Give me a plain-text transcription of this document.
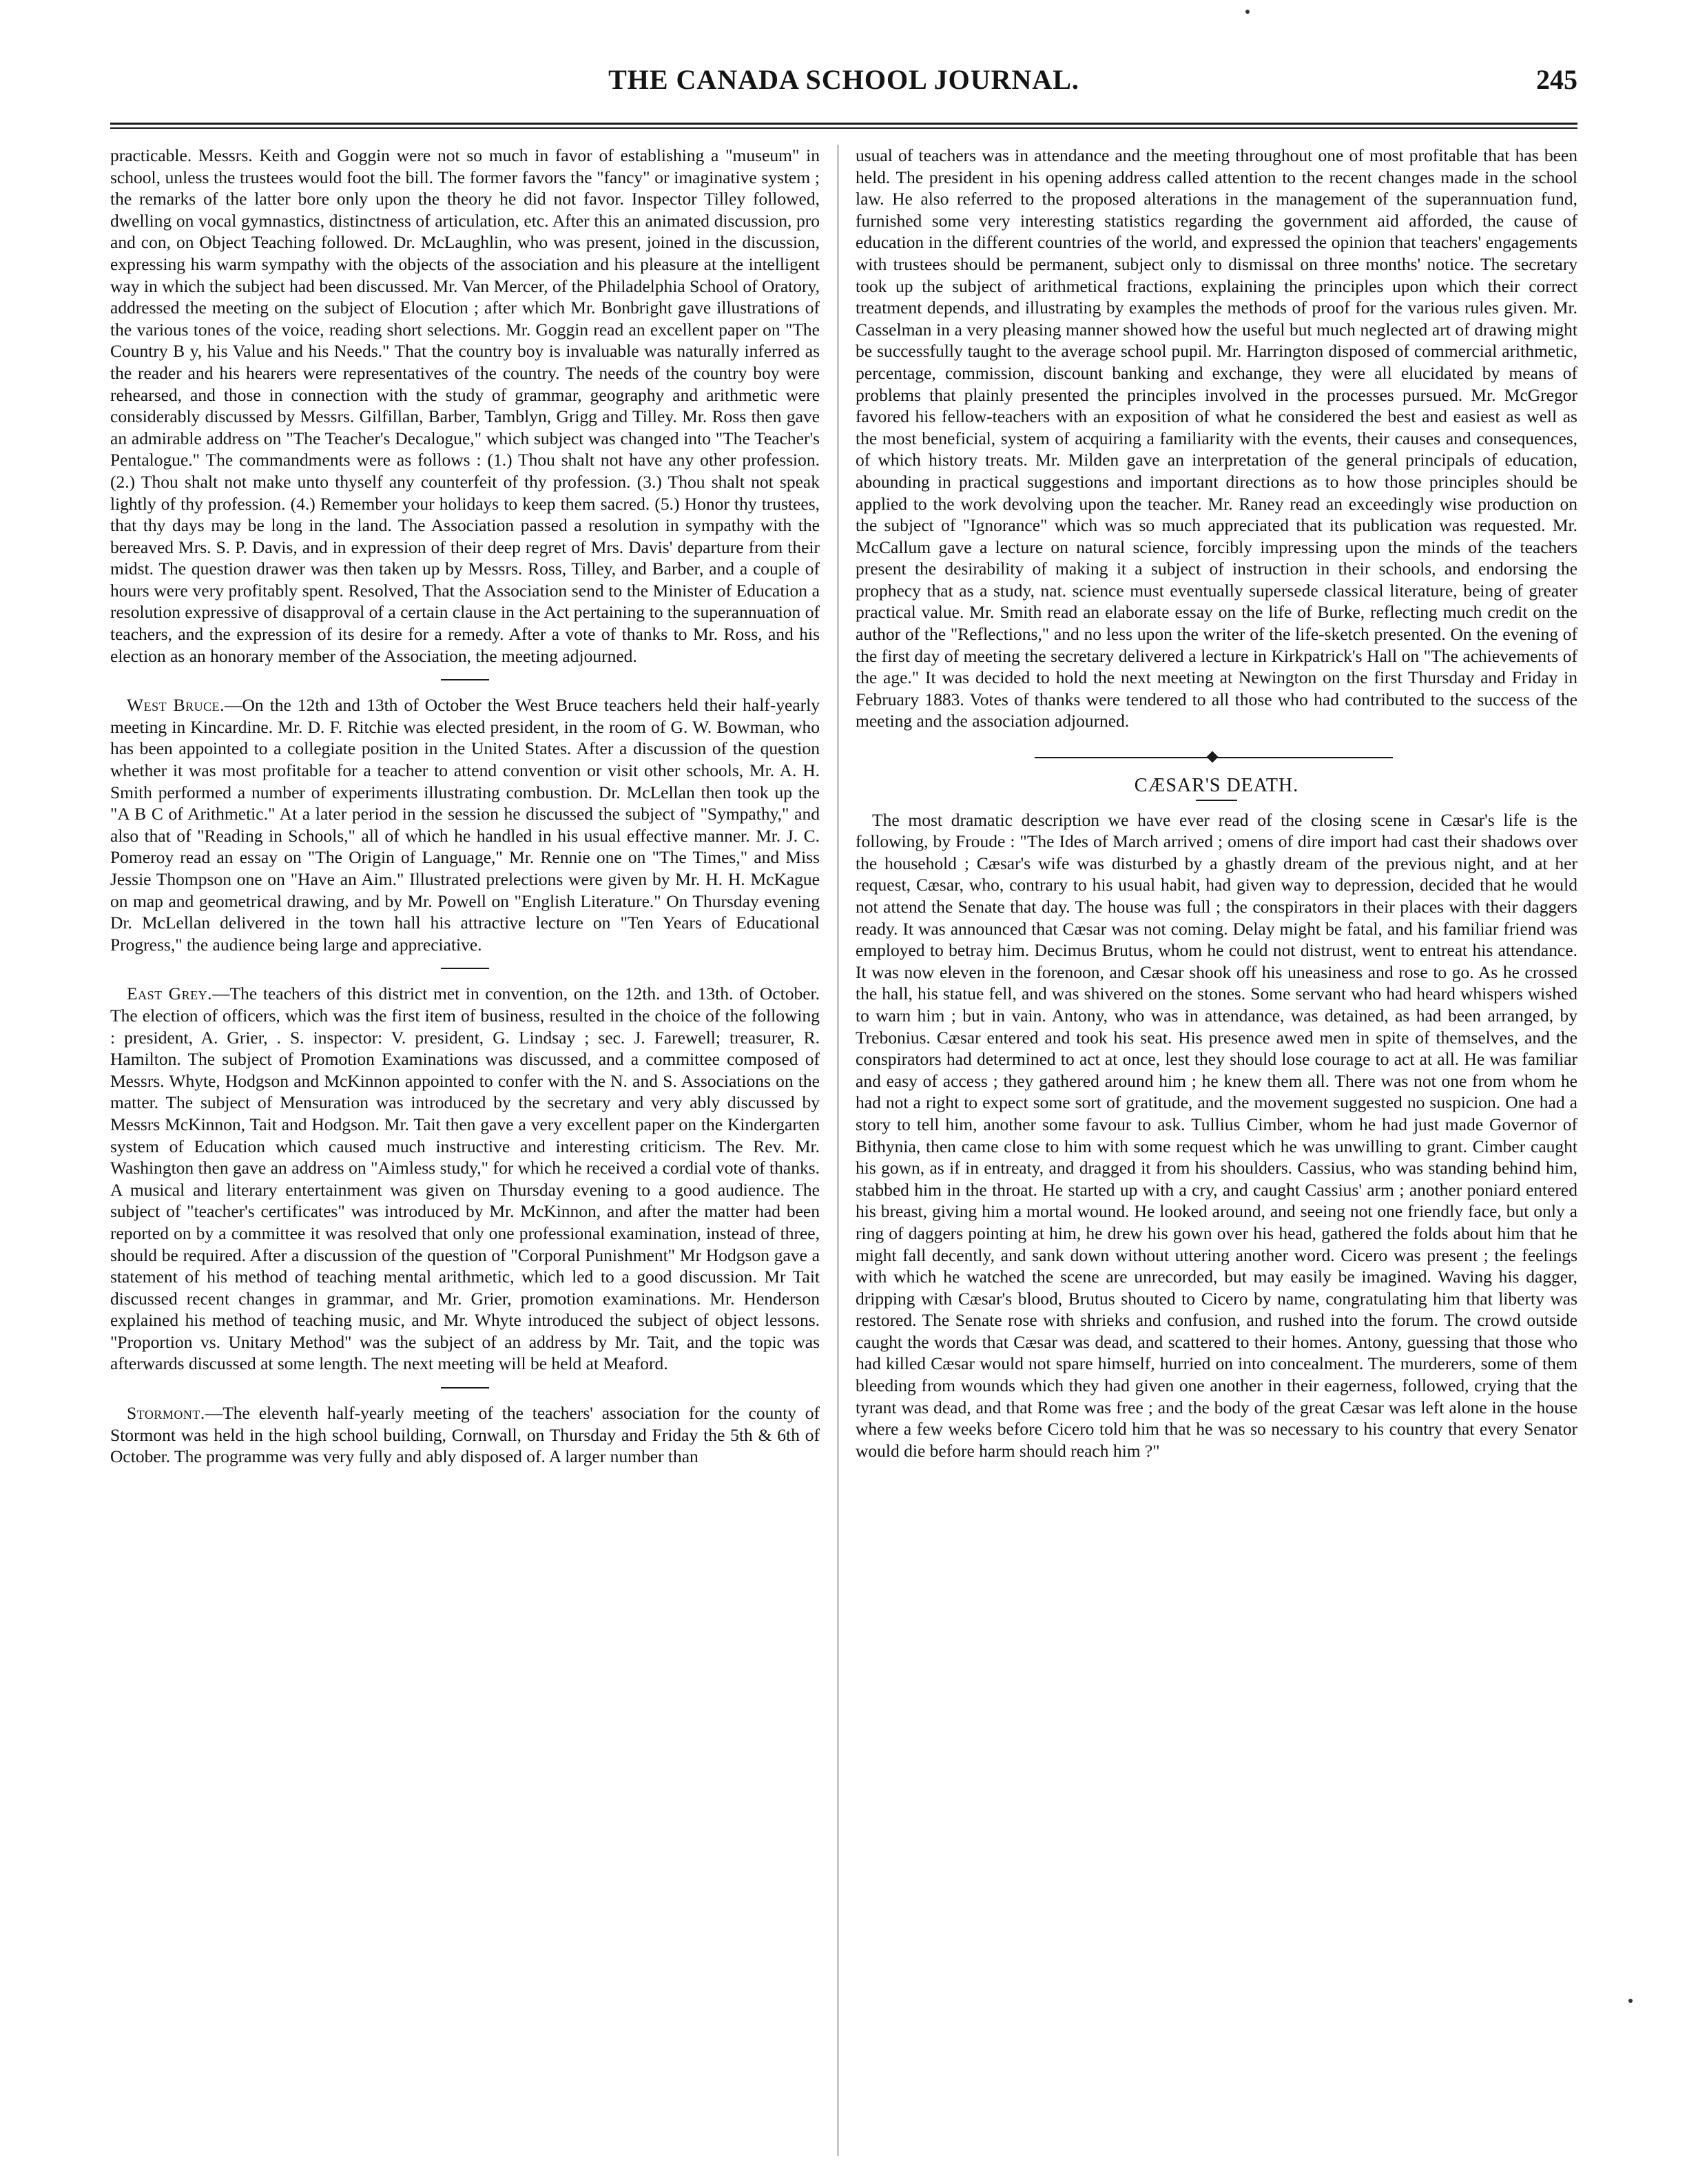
THE CANADA SCHOOL JOURNAL.	245

practicable. Messrs. Keith and Goggin were not so much in favor of establishing a "museum" in school, unless the trustees would foot the bill. The former favors the "fancy" or imaginative system ; the remarks of the latter bore only upon the theory he did not favor. Inspector Tilley followed, dwelling on vocal gymnastics, distinctness of articulation, etc. After this an animated discussion, pro and con, on Object Teaching followed. Dr. McLaughlin, who was present, joined in the discussion, expressing his warm sympathy with the objects of the association and his pleasure at the intelligent way in which the subject had been discussed. Mr. Van Mercer, of the Philadelphia School of Oratory, addressed the meeting on the subject of Elocution ; after which Mr. Bonbright gave illustrations of the various tones of the voice, reading short selections. Mr. Goggin read an excellent paper on "The Country B y, his Value and his Needs." That the country boy is invaluable was naturally inferred as the reader and his hearers were representatives of the country. The needs of the country boy were rehearsed, and those in connection with the study of grammar, geography and arithmetic were considerably discussed by Messrs. Gilfillan, Barber, Tamblyn, Grigg and Tilley. Mr. Ross then gave an admirable address on "The Teacher's Decalogue," which subject was changed into "The Teacher's Pentalogue." The commandments were as follows : (1.) Thou shalt not have any other profession. (2.) Thou shalt not make unto thyself any counterfeit of thy profession. (3.) Thou shalt not speak lightly of thy profession. (4.) Remember your holidays to keep them sacred. (5.) Honor thy trustees, that thy days may be long in the land. The Association passed a resolution in sympathy with the bereaved Mrs. S. P. Davis, and in expression of their deep regret of Mrs. Davis' departure from their midst. The question drawer was then taken up by Messrs. Ross, Tilley, and Barber, and a couple of hours were very profitably spent. Resolved, That the Association send to the Minister of Education a resolution expressive of disapproval of a certain clause in the Act pertaining to the superannuation of teachers, and the expression of its desire for a remedy. After a vote of thanks to Mr. Ross, and his election as an honorary member of the Association, the meeting adjourned.

West Bruce.—On the 12th and 13th of October the West Bruce teachers held their half-yearly meeting in Kincardine. Mr. D. F. Ritchie was elected president, in the room of G. W. Bowman, who has been appointed to a collegiate position in the United States. After a discussion of the question whether it was most profitable for a teacher to attend convention or visit other schools, Mr. A. H. Smith performed a number of experiments illustrating combustion. Dr. McLellan then took up the "A B C of Arithmetic." At a later period in the session he discussed the subject of "Sympathy," and also that of "Reading in Schools," all of which he handled in his usual effective manner. Mr. J. C. Pomeroy read an essay on "The Origin of Language," Mr. Rennie one on "The Times," and Miss Jessie Thompson one on "Have an Aim." Illustrated prelections were given by Mr. H. H. McKague on map and geometrical drawing, and by Mr. Powell on "English Literature." On Thursday evening Dr. McLellan delivered in the town hall his attractive lecture on "Ten Years of Educational Progress," the audience being large and appreciative.

East Grey.—The teachers of this district met in convention, on the 12th. and 13th. of October. The election of officers, which was the first item of business, resulted in the choice of the following : president, A. Grier, . S. inspector: V. president, G. Lindsay ; sec. J. Farewell; treasurer, R. Hamilton. The subject of Promotion Examinations was discussed, and a committee composed of Messrs. Whyte, Hodgson and McKinnon appointed to confer with the N. and S. Associations on the matter. The subject of Mensuration was introduced by the secretary and very ably discussed by Messrs McKinnon, Tait and Hodgson. Mr. Tait then gave a very excellent paper on the Kindergarten system of Education which caused much instructive and interesting criticism. The Rev. Mr. Washington then gave an address on "Aimless study," for which he received a cordial vote of thanks. A musical and literary entertainment was given on Thursday evening to a good audience. The subject of "teacher's certificates" was introduced by Mr. McKinnon, and after the matter had been reported on by a committee it was resolved that only one professional examination, instead of three, should be required. After a discussion of the question of "Corporal Punishment" Mr Hodgson gave a statement of his method of teaching mental arithmetic, which led to a good discussion. Mr Tait discussed recent changes in grammar, and Mr. Grier, promotion examinations. Mr. Henderson explained his method of teaching music, and Mr. Whyte introduced the subject of object lessons. "Proportion vs. Unitary Method" was the subject of an address by Mr. Tait, and the topic was afterwards discussed at some length. The next meeting will be held at Meaford.

Stormont.—The eleventh half-yearly meeting of the teachers' association for the county of Stormont was held in the high school building, Cornwall, on Thursday and Friday the 5th & 6th of October. The programme was very fully and ably disposed of. A larger number than

usual of teachers was in attendance and the meeting throughout one of most profitable that has been held. The president in his opening address called attention to the recent changes made in the school law. He also referred to the proposed alterations in the management of the superannuation fund, furnished some very interesting statistics regarding the government aid afforded, the cause of education in the different countries of the world, and expressed the opinion that teachers' engagements with trustees should be permanent, subject only to dismissal on three months' notice. The secretary took up the subject of arithmetical fractions, explaining the principles upon which their correct treatment depends, and illustrating by examples the methods of proof for the various rules given. Mr. Casselman in a very pleasing manner showed how the useful but much neglected art of drawing might be successfully taught to the average school pupil. Mr. Harrington disposed of commercial arithmetic, percentage, commission, discount banking and exchange, they were all elucidated by means of problems that plainly presented the principles involved in the processes pursued. Mr. McGregor favored his fellow-teachers with an exposition of what he considered the best and easiest as well as the most beneficial, system of acquiring a familiarity with the events, their causes and consequences, of which history treats. Mr. Milden gave an interpretation of the general principals of education, abounding in practical suggestions and important directions as to how those principles should be applied to the work devolving upon the teacher. Mr. Raney read an exceedingly wise production on the subject of "Ignorance" which was so much appreciated that its publication was requested. Mr. McCallum gave a lecture on natural science, forcibly impressing upon the minds of the teachers present the desirability of making it a subject of instruction in their schools, and endorsing the prophecy that as a study, nat. science must eventually supersede classical literature, being of greater practical value. Mr. Smith read an elaborate essay on the life of Burke, reflecting much credit on the author of the "Reflections," and no less upon the writer of the life-sketch presented. On the evening of the first day of meeting the secretary delivered a lecture in Kirkpatrick's Hall on "The achievements of the age." It was decided to hold the next meeting at Newington on the first Thursday and Friday in February 1883. Votes of thanks were tendered to all those who had contributed to the success of the meeting and the association adjourned.

CÆSAR'S DEATH.

The most dramatic description we have ever read of the closing scene in Cæsar's life is the following, by Froude : "The Ides of March arrived ; omens of dire import had cast their shadows over the household ; Cæsar's wife was disturbed by a ghastly dream of the previous night, and at her request, Cæsar, who, contrary to his usual habit, had given way to depression, decided that he would not attend the Senate that day. The house was full ; the conspirators in their places with their daggers ready. It was announced that Cæsar was not coming. Delay might be fatal, and his familiar friend was employed to betray him. Decimus Brutus, whom he could not distrust, went to entreat his attendance. It was now eleven in the forenoon, and Cæsar shook off his uneasiness and rose to go. As he crossed the hall, his statue fell, and was shivered on the stones. Some servant who had heard whispers wished to warn him ; but in vain. Antony, who was in attendance, was detained, as had been arranged, by Trebonius. Cæsar entered and took his seat. His presence awed men in spite of themselves, and the conspirators had determined to act at once, lest they should lose courage to act at all. He was familiar and easy of access ; they gathered around him ; he knew them all. There was not one from whom he had not a right to expect some sort of gratitude, and the movement suggested no suspicion. One had a story to tell him, another some favour to ask. Tullius Cimber, whom he had just made Governor of Bithynia, then came close to him with some request which he was unwilling to grant. Cimber caught his gown, as if in entreaty, and dragged it from his shoulders. Cassius, who was standing behind him, stabbed him in the throat. He started up with a cry, and caught Cassius' arm ; another poniard entered his breast, giving him a mortal wound. He looked around, and seeing not one friendly face, but only a ring of daggers pointing at him, he drew his gown over his head, gathered the folds about him that he might fall decently, and sank down without uttering another word. Cicero was present ; the feelings with which he watched the scene are unrecorded, but may easily be imagined. Waving his dagger, dripping with Cæsar's blood, Brutus shouted to Cicero by name, congratulating him that liberty was restored. The Senate rose with shrieks and confusion, and rushed into the forum. The crowd outside caught the words that Cæsar was dead, and scattered to their homes. Antony, guessing that those who had killed Cæsar would not spare himself, hurried on into concealment. The murderers, some of them bleeding from wounds which they had given one another in their eagerness, followed, crying that the tyrant was dead, and that Rome was free ; and the body of the great Cæsar was left alone in the house where a few weeks before Cicero told him that he was so necessary to his country that every Senator would die before harm should reach him ?"
